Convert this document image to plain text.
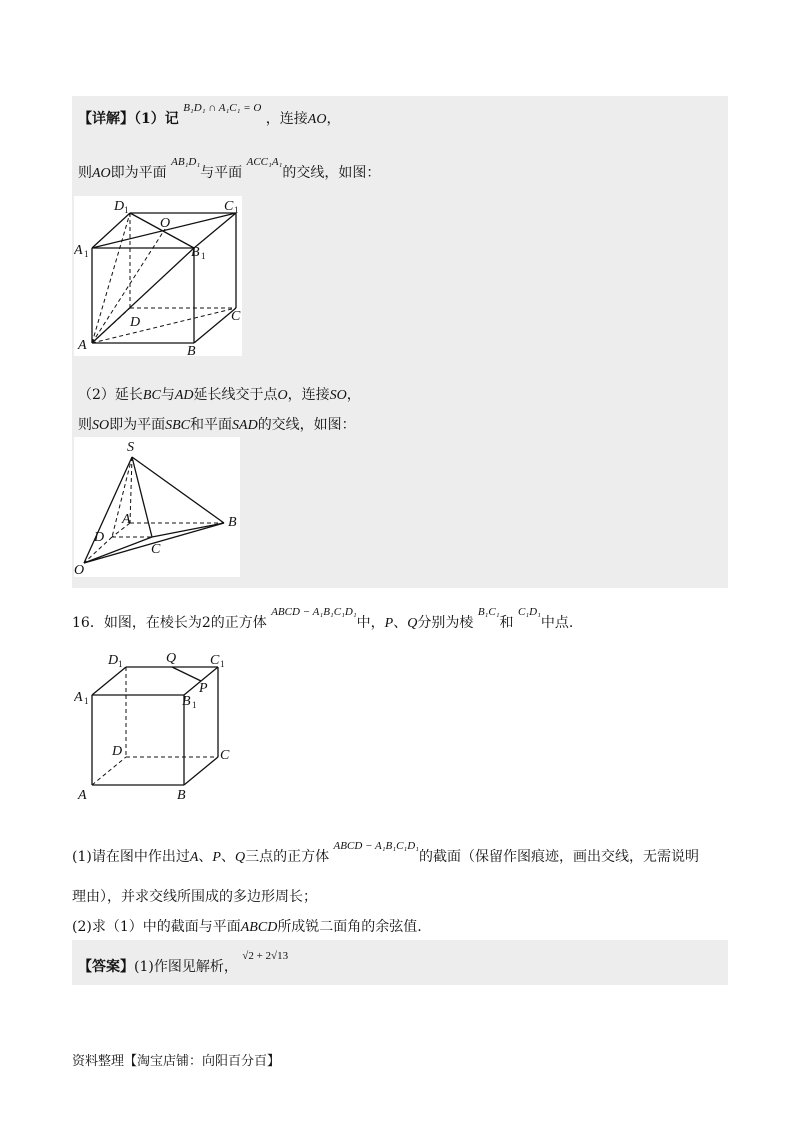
【详解】（1）记 $^{B_1D_1 \cap A_1C_1 = O}$ ，连接AO，
则AO即为平面 $^{AB_1D_1}$与平面 $^{ACC_1A_1}$的交线，如图：
D 1	C 1
A 1	B 1
O
D	C
A	B
（2）延长BC与AD延长线交于点O，连接SO，
则SO即为平面SBC和平面SAD的交线，如图：
S
A	B
D
C
O
16．如图，在棱长为2的正方体 $^{ABCD - A_1B_1C_1D_1}$中，P、Q分别为棱 $^{B_1C_1}$和 $^{C_1D_1}$中点.
D 1	Q C 1
A 1	B 1
P
D	C
A	B
(1)请在图中作出过A、P、Q三点的正方体 $^{ABCD - A_1B_1C_1D_1}$的截面（保留作图痕迹，画出交线，无需说明
理由），并求交线所围成的多边形周长；
(2)求（1）中的截面与平面ABCD所成锐二面角的余弦值.
【答案】(1)作图见解析， $^{√2 + 2√13}$
资料整理【淘宝店铺：向阳百分百】
